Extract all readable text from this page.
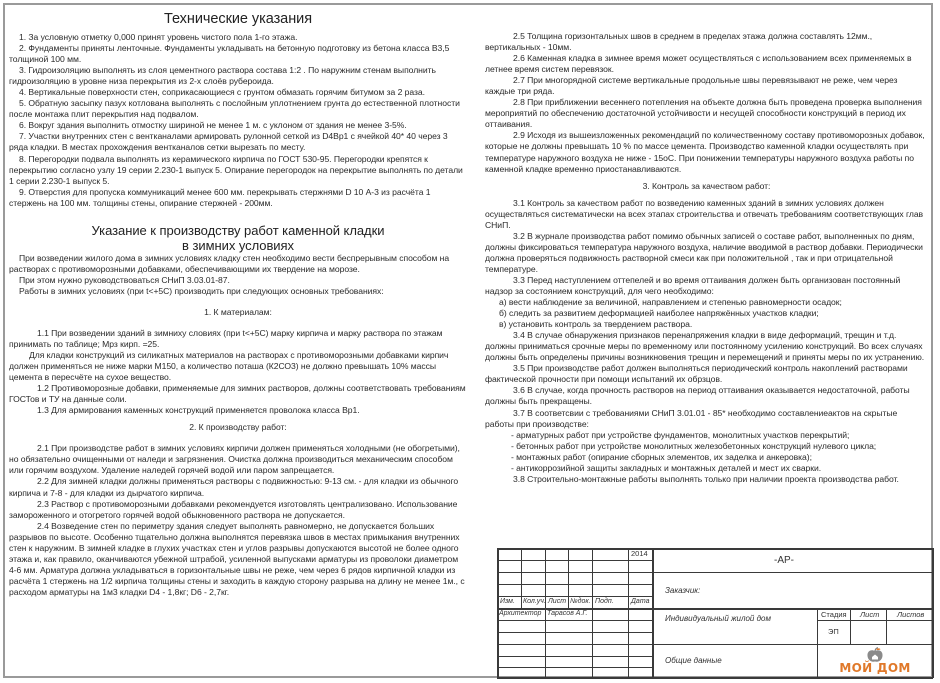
Технические указания

1. За условную отметку 0,000 принят уровень чистого пола 1-го этажа.

2. Фундаменты приняты ленточные. Фундаменты укладывать на бетонную подготовку из бетона класса В3,5 толщиной 100 мм.

3. Гидроизоляцию выполнять из слоя цементного раствора состава 1:2 . По наружним стенам выполнить гидроизоляцию в уровне низа перекрытия из 2-х слоёв рубероида.

4. Вертикальные поверхности стен, соприкасающиеся с грунтом обмазать горячим битумом за 2 раза.

5. Обратную засыпку пазух котлована выполнять с послойным уплотнением грунта до естественной плотности после монтажа плит перекрытия над подвалом.

6. Вокруг здания выполнить отмостку шириной не менее 1 м. с уклоном от здания не менее 3-5%.

7. Участки внутренних стен с вентканалами армировать рулонной сеткой из D4Вр1 с ячейкой 40* 40 через 3 ряда кладки. В местах прохождения вентканалов сетки вырезать по месту.

8. Перегородки подвала выполнять из керамического кирпича по ГОСТ 530-95. Перегородки крепятся к перекрытию согласно узлу 19 серии 2.230-1 выпуск 5. Опирание перегородок на перекрытие выполнять по детали 1 серии 2.230-1 выпуск 5.

9. Отверстия для пропуска коммуникаций менее 600 мм. перекрывать стержнями D 10 А-3 из расчёта 1 стержень на 100 мм. толщины стены, опирание стержней - 200мм.

Указание к производству работ каменной кладки
в зимних условиях

При возведении жилого дома в зимних условиях кладку стен необходимо вести беспрерывным способом на растворах с противоморозными добавками, обеспечивающими их твердение на морозе.

При этом нужно руководствоваться СНиП 3.03.01-87.

Работы в зимних условиях (при t<+5С) производить при следующих основных требованиях:

1. К материалам:

1.1 При возведении зданий в зимниху словиях (при t<+5С) марку кирпича и марку раствора по этажам принимать по таблице; Мрз кирп. =25.

Для кладки конструкций из силикатных материалов на растворах с противоморозными добавками кирпич должен применяться не ниже марки М150, а количество поташа (К2СО3) не должно превышать 10% массы цемента в пересчёте на сухое вещество.

1.2 Противоморозные добавки, применяемые для зимних растворов, должны соответствовать требованиям ГОСТов и ТУ на данные соли.

1.3 Для армирования каменных конструкций применяется проволока класса Вр1.

2. К производству работ:

2.1 При производстве работ в зимних условиях кирпичи должен применяться холодными (не обогретыми), но обязательно очищенными от наледи и загрязнения. Очистка должна производиться механическим способом или горячим воздухом. Удаление наледей горячей водой или паром запрещается.

2.2 Для зимней кладки должны применяться растворы с подвижностью: 9-13 см. - для кладки из обычного кирпича и 7-8 - для кладки из дырчатого кирпича.

2.3 Раствор с противоморозными добавками рекомендуется изготовлять централизовано. Использование замороженного и отогретого горячей водой обыкновенного раствора не допускается.

2.4 Возведение стен по периметру здания следует выполнять равномерно, не допускается больших разрывов по высоте. Особенно тщательно должна выполнятся перевязка швов в местах примыкания внутренних стен к наружним. В зимней кладке в глухих участках стен и углов разрывы допускаются высотой не более одного этажа и, как правило, оканчиваются убежной штрабой, усиленной выпусками арматуры из проволоки диаметром 4-6 мм. Арматура должна укладываться в горизонтальные швы не реже, чем через 6 рядов кирпичной кладки из расчёта 1 стержень на 1/2 кирпича толщины стены и заходить в каждую сторону разрыва на длину не менее 1м., с расходом арматуры на 1м3 кладки D4 - 1,8кг; D6 - 2,7кг.

2.5 Толщина горизонтальных швов в среднем в пределах этажа должна составлять 12мм., вертикальных - 10мм.

2.6 Каменная кладка в зимнее время может осуществляться с использованием всех применяемых в летнее время систем перевязок.

2.7 При многорядной системе вертикальные продольные швы перевязывают не реже, чем через каждые три ряда.

2.8 При приближении весеннего потепления на объекте должна быть проведена проверка выполнения мероприятий по обеспечению достаточной устойчивости и несущей способности конструкций в период их оттаивания.

2.9 Исходя из вышеизложенных рекомендаций по количественному составу противоморозных добавок, которые не должны превышать 10 % по массе цемента. Производство каменной кладки осуществлять при температуре наружного воздуха не ниже - 15оС. При понижении температуры наружного воздуха работы по каменной кладке временно приостанавливаются.

3. Контроль за качеством работ:

3.1 Контроль за качеством работ по возведению каменных зданий в зимних условиях должен осуществляться систематически на всех этапах строительства и отвечать требованиям соответствующих глав СНиП.

3.2 В журнале производства работ помимо обычных записей о составе работ, выполненных по дням, должны фиксироваться температура наружного воздуха, наличие вводимой в раствор добавки. Периодически должна проверяться подвижность растворной смеси как при положительной , так и при отрицательной температуре.

3.3 Перед наступлением оттепелей и во время оттаивания должен быть организован постоянный надзор за состоянием конструкций, для чего необходимо:

а) вести наблюдение за величиной, направлением и степенью равномерности осадок;

б) следить за развитием деформацией наиболее напряжённых участков кладки;

в) установить контроль за твердением раствора.

3.4 В случае обнаружения признаков перенапряжения кладки в виде деформаций, трещин и т.д. должны приниматься срочные меры по временному или постоянному усилению конструкций. Во всех случаях должны быть определены причины возникновения трещин и перемещений и приняты меры по их устранению.

3.5 При производстве работ должен выполняться периодический контроль накоплений растворами фактической прочности при помощи испытаний их обрзцов.

3.6 В случае, когда прочность растворов на период оттаивания оказывается недостаточной, работы должны быть прекращены.

3.7 В соответсвии с требованиями СНиП 3.01.01 - 85* необходимо составлениеактов на скрытые работы при производстве:

- арматурных работ при устройстве фундаментов, монолитных участков перекрытий;

- бетонных работ при устройстве монолитных железобетонных конструкций нулевого цикла;

- монтажных работ (опирание сборных элементов, их заделка и анкеровка);

- антикоррозийной защиты закладных и монтажных деталей и мест их сварки.

3.8 Строительно-монтажные работы выполнять только при наличии проекта производства работ.

2014
-АР-
Изм. Кол.уч. Лист №док. Подп. Дата
Архитектор Тарасов А.Г.
Заказчик:
Индивидуальный жилой дом
Общие данные
Стадия Лист Листов
ЭП
МОЙ ДОМ
